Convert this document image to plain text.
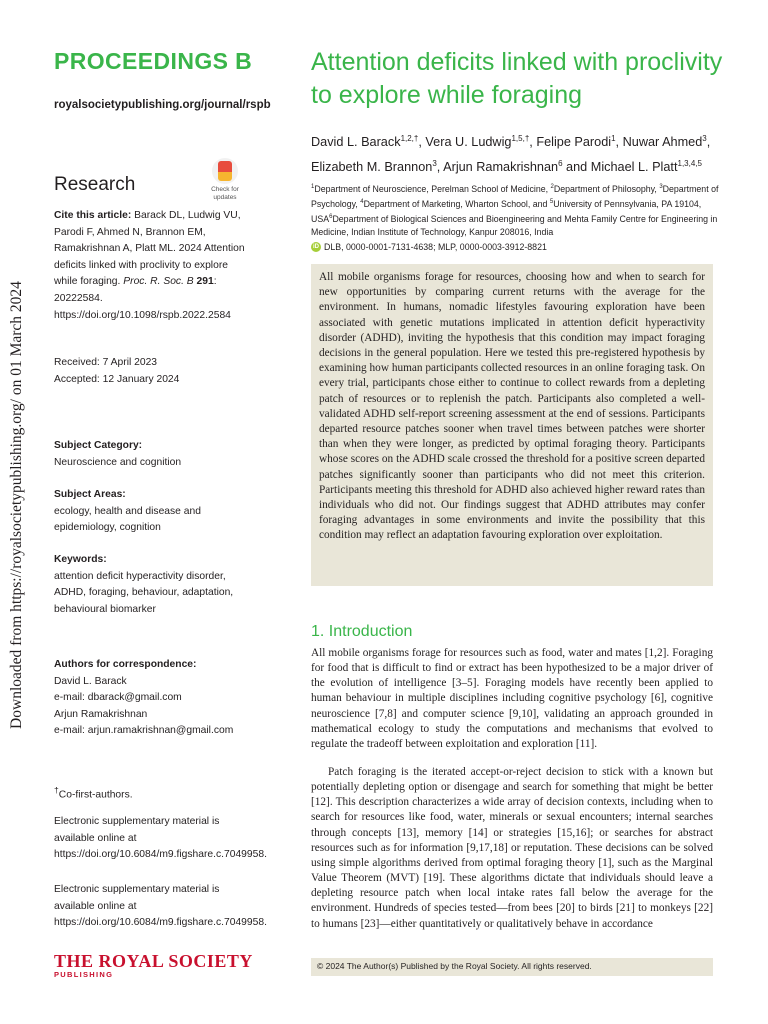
Downloaded from https://royalsocietypublishing.org/ on 01 March 2024
PROCEEDINGS B
royalsocietypublishing.org/journal/rspb
Research	Check for
updates
Cite this article: Barack DL, Ludwig VU, Parodi F, Ahmed N, Brannon EM, Ramakrishnan A, Platt ML. 2024 Attention deficits linked with proclivity to explore while foraging. Proc. R. Soc. B 291: 20222584.
https://doi.org/10.1098/rspb.2022.2584
Received: 7 April 2023
Accepted: 12 January 2024
Subject Category:
Neuroscience and cognition
Subject Areas:
ecology, health and disease and epidemiology, cognition
Keywords:
attention deficit hyperactivity disorder, ADHD, foraging, behaviour, adaptation, behavioural biomarker
Authors for correspondence:
David L. Barack
e-mail: dbarack@gmail.com
Arjun Ramakrishnan
e-mail: arjun.ramakrishnan@gmail.com
†Co-first-authors.
Electronic supplementary material is available online at https://doi.org/10.6084/m9.figshare.c.7049958.
Electronic supplementary material is available online at https://doi.org/10.6084/m9.figshare.c.7049958.
THE ROYAL SOCIETY
PUBLISHING
Attention deficits linked with proclivity to explore while foraging
David L. Barack$^{1,2,\dagger}$, Vera U. Ludwig$^{1,5,\dagger}$, Felipe Parodi$^1$, Nuwar Ahmed$^3$, Elizabeth M. Brannon$^3$, Arjun Ramakrishnan$^6$ and Michael L. Platt$^{1,3,4,5}$
$^1$Department of Neuroscience, Perelman School of Medicine, $^2$Department of Philosophy, $^3$Department of Psychology, $^4$Department of Marketing, Wharton School, and $^5$University of Pennsylvania, PA 19104, USA$^6$Department of Biological Sciences and Bioengineering and Mehta Family Centre for Engineering in Medicine, Indian Institute of Technology, Kanpur 208016, India
iD DLB, 0000-0001-7131-4638; MLP, 0000-0003-3912-8821
All mobile organisms forage for resources, choosing how and when to search for new opportunities by comparing current returns with the average for the environment. In humans, nomadic lifestyles favouring exploration have been associated with genetic mutations implicated in attention deficit hyperactivity disorder (ADHD), inviting the hypothesis that this condition may impact foraging decisions in the general population. Here we tested this pre-registered hypothesis by examining how human participants collected resources in an online foraging task. On every trial, participants chose either to continue to collect rewards from a depleting patch of resources or to replenish the patch. Participants also completed a well-validated ADHD self-report screening assessment at the end of sessions. Participants departed resource patches sooner when travel times between patches were shorter than when they were longer, as predicted by optimal foraging theory. Participants whose scores on the ADHD scale crossed the threshold for a positive screen departed patches significantly sooner than participants who did not meet this criterion. Participants meeting this threshold for ADHD also achieved higher reward rates than individuals who did not. Our findings suggest that ADHD attributes may confer foraging advantages in some environments and invite the possibility that this condition may reflect an adaptation favouring exploration over exploitation.
1. Introduction
All mobile organisms forage for resources such as food, water and mates [1,2]. Foraging for food that is difficult to find or extract has been hypothesized to be a major driver of the evolution of intelligence [3–5]. Foraging models have recently been applied to human behaviour in multiple disciplines including cognitive psychology [6], cognitive neuroscience [7,8] and computer science [9,10], validating an approach grounded in mathematical ecology to study the computations and mechanisms that evolved to regulate the tradeoff between exploitation and exploration [11].
Patch foraging is the iterated accept-or-reject decision to stick with a known but potentially depleting option or disengage and search for something that might be better [12]. This description characterizes a wide array of decision contexts, including when to search for resources like food, water, minerals or sexual encounters; internal searches through concepts [13], memory [14] or strategies [15,16]; or searches for abstract resources such as for information [9,17,18] or reputation. These decisions can be solved using simple algorithms derived from optimal foraging theory [1], such as the Marginal Value Theorem (MVT) [19]. These algorithms dictate that individuals should leave a depleting resource patch when local intake rates fall below the average for the environment. Hundreds of species tested—from bees [20] to birds [21] to monkeys [22] to humans [23]—either quantitatively or qualitatively behave in accordance
© 2024 The Author(s) Published by the Royal Society. All rights reserved.
